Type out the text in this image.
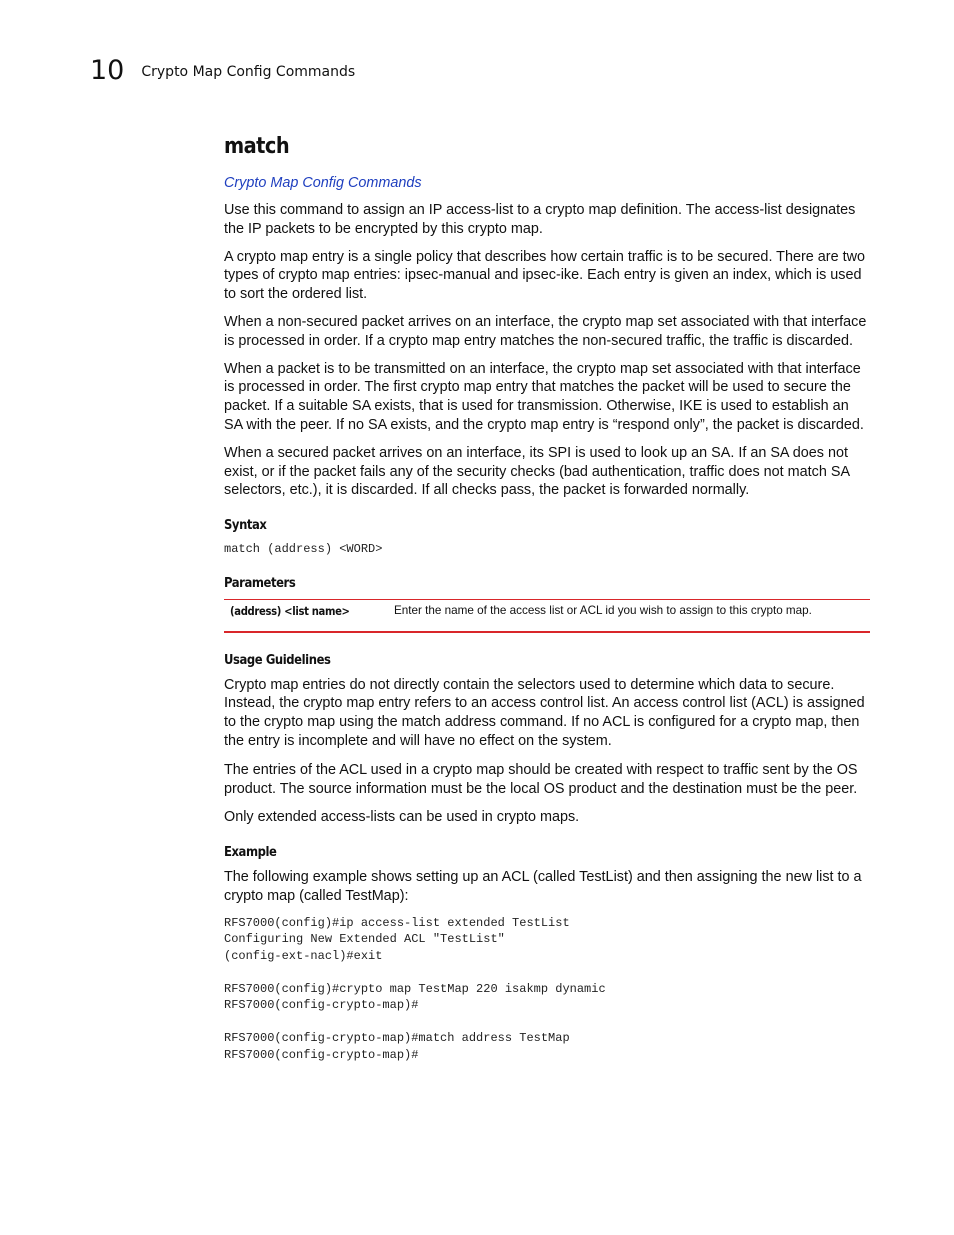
10 Crypto Map Config Commands
match
Crypto Map Config Commands

Use this command to assign an IP access-list to a crypto map definition. The access-list designates the IP packets to be encrypted by this crypto map.

A crypto map entry is a single policy that describes how certain traffic is to be secured. There are two types of crypto map entries: ipsec-manual and ipsec-ike. Each entry is given an index, which is used to sort the ordered list.

When a non-secured packet arrives on an interface, the crypto map set associated with that interface is processed in order. If a crypto map entry matches the non-secured traffic, the traffic is discarded.

When a packet is to be transmitted on an interface, the crypto map set associated with that interface is processed in order. The first crypto map entry that matches the packet will be used to secure the packet. If a suitable SA exists, that is used for transmission. Otherwise, IKE is used to establish an SA with the peer. If no SA exists, and the crypto map entry is “respond only”, the packet is discarded.

When a secured packet arrives on an interface, its SPI is used to look up an SA. If an SA does not exist, or if the packet fails any of the security checks (bad authentication, traffic does not match SA selectors, etc.), it is discarded. If all checks pass, the packet is forwarded normally.

Syntax
match (address) <WORD>
Parameters
(address) <list name>	Enter the name of the access list or ACL id you wish to assign to this crypto map.
Usage Guidelines

Crypto map entries do not directly contain the selectors used to determine which data to secure. Instead, the crypto map entry refers to an access control list. An access control list (ACL) is assigned to the crypto map using the match address command. If no ACL is configured for a crypto map, then the entry is incomplete and will have no effect on the system.

The entries of the ACL used in a crypto map should be created with respect to traffic sent by the OS product. The source information must be the local OS product and the destination must be the peer.

Only extended access-lists can be used in crypto maps.

Example

The following example shows setting up an ACL (called TestList) and then assigning the new list to a crypto map (called TestMap):

RFS7000(config)#ip access-list extended TestList
Configuring New Extended ACL "TestList"
(config-ext-nacl)#exit

RFS7000(config)#crypto map TestMap 220 isakmp dynamic
RFS7000(config-crypto-map)#

RFS7000(config-crypto-map)#match address TestMap
RFS7000(config-crypto-map)#
